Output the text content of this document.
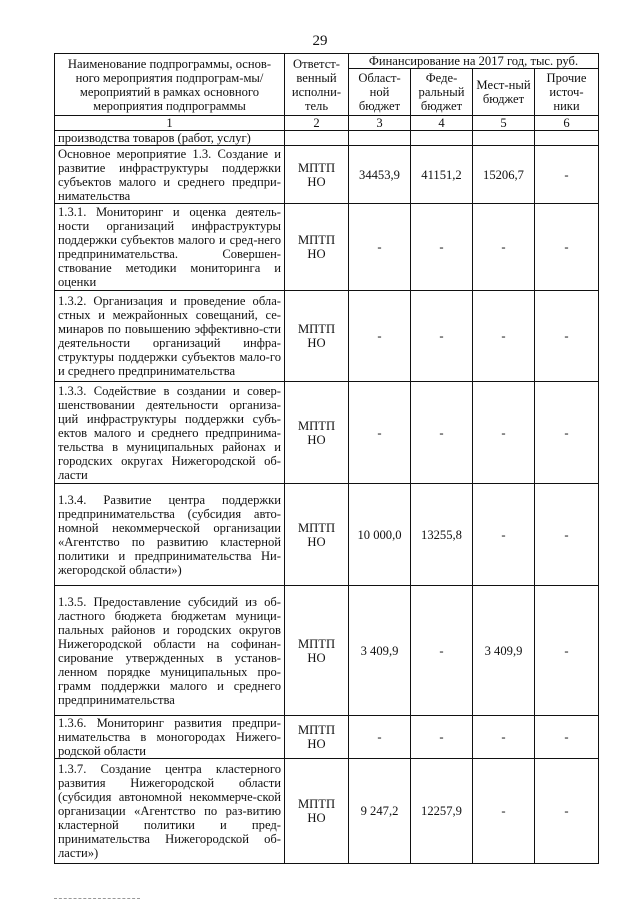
29
Наименование подпрограммы, основ-ного мероприятия подпрограм-мы/мероприятий в рамках основного мероприятия подпрограммы	Ответст-венный исполни-тель	Финансирование на 2017 год, тыс. руб.			
		Област-ной бюджет	Феде-ральный бюджет	Мест-ный бюджет	Прочие источ-ники
1	2	3	4	5	6
производства товаров (работ, услуг)					
Основное мероприятие 1.3. Создание и развитие инфраструктуры поддержки субъектов малого и среднего предпри-нимательства	МПТП НО	34453,9	41151,2	15206,7	-
1.3.1. Мониторинг и оценка деятель-ности организаций инфраструктуры поддержки субъектов малого и сред-него предпринимательства. Совершен-ствование методики мониторинга и оценки	МПТП НО	-	-	-	-
1.3.2. Организация и проведение обла-стных и межрайонных совещаний, се-минаров по повышению эффективно-сти деятельности организаций инфра-структуры поддержки субъектов мало-го и среднего предпринимательства	МПТП НО	-	-	-	-
1.3.3. Содействие в создании и совер-шенствовании деятельности организа-ций инфраструктуры поддержки субъ-ектов малого и среднего предпринима-тельства в муниципальных районах и городских округах Нижегородской об-ласти	МПТП НО	-	-	-	-
1.3.4. Развитие центра поддержки предпринимательства (субсидия авто-номной некоммерческой организации «Агентство по развитию кластерной политики и предпринимательства Ни-жегородской области»)	МПТП НО	10 000,0	13255,8	-	-
1.3.5. Предоставление субсидий из об-ластного бюджета бюджетам муници-пальных районов и городских округов Нижегородской области на софинан-сирование утвержденных в установ-ленном порядке муниципальных про-грамм поддержки малого и среднего предпринимательства	МПТП НО	3 409,9	-	3 409,9	-
1.3.6. Мониторинг развития предпри-нимательства в моногородах Нижего-родской области	МПТП НО	-	-	-	-
1.3.7. Создание центра кластерного развития Нижегородской области (субсидия автономной некоммерче-ской организации «Агентство по раз-витию кластерной политики и пред-принимательства Нижегородской об-ласти»)	МПТП НО	9 247,2	12257,9	-	-
